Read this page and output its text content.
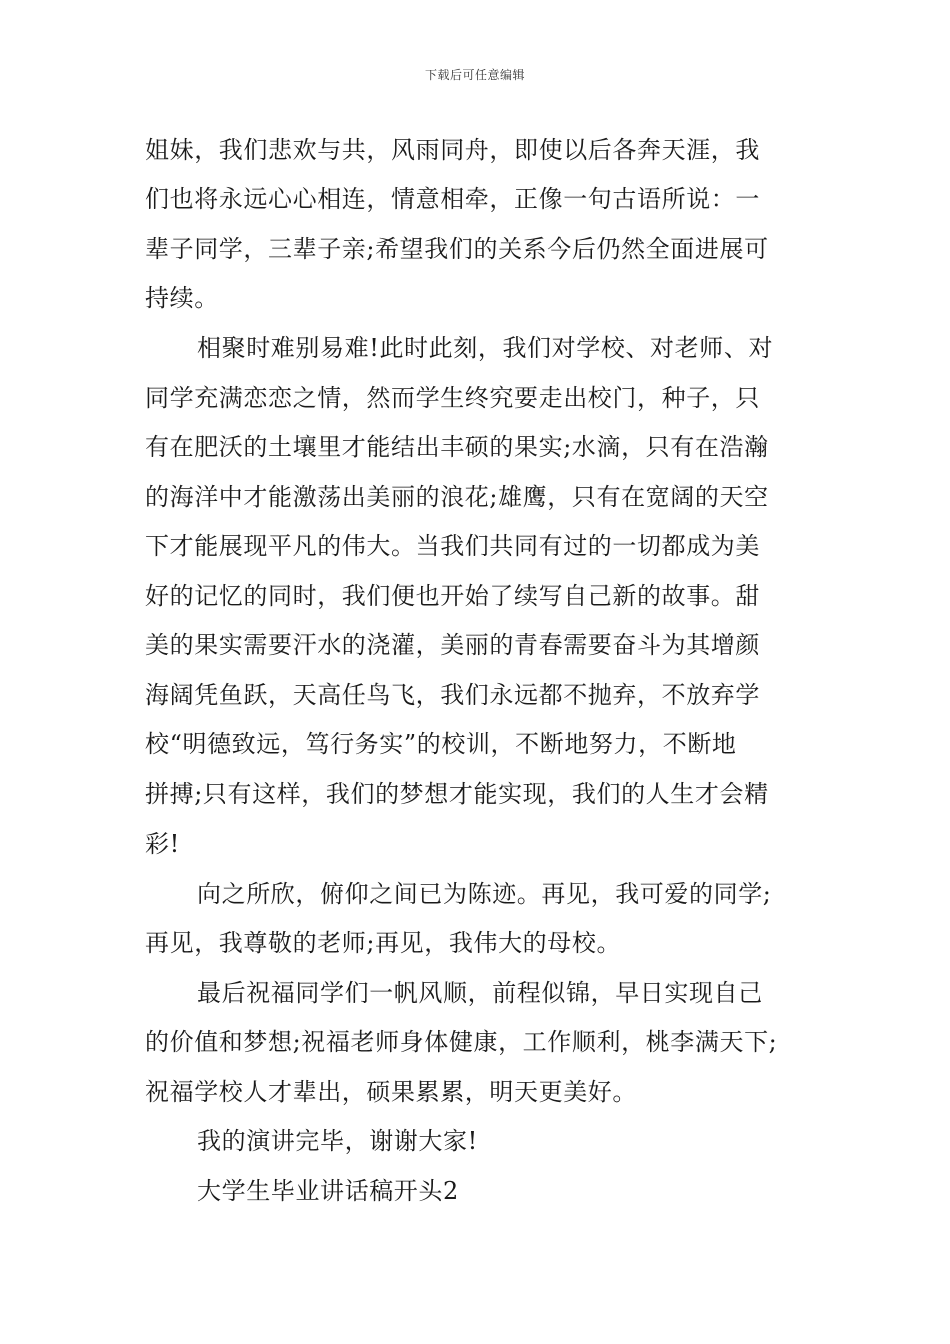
下载后可任意编辑
姐妹，我们悲欢与共，风雨同舟，即使以后各奔天涯，我
们也将永远心心相连，情意相牵，正像一句古语所说：一
辈子同学，三辈子亲;希望我们的关系今后仍然全面进展可
持续。
相聚时难别易难!此时此刻，我们对学校、对老师、对
同学充满恋恋之情，然而学生终究要走出校门，种子，只
有在肥沃的土壤里才能结出丰硕的果实;水滴，只有在浩瀚
的海洋中才能激荡出美丽的浪花;雄鹰，只有在宽阔的天空
下才能展现平凡的伟大。当我们共同有过的一切都成为美
好的记忆的同时，我们便也开始了续写自己新的故事。甜
美的果实需要汗水的浇灌，美丽的青春需要奋斗为其增颜
海阔凭鱼跃，天高任鸟飞，我们永远都不抛弃，不放弃学
校“明德致远，笃行务实”的校训，不断地努力，不断地
拼搏;只有这样，我们的梦想才能实现，我们的人生才会精
彩!
向之所欣，俯仰之间已为陈迹。再见，我可爱的同学;
再见，我尊敬的老师;再见，我伟大的母校。
最后祝福同学们一帆风顺，前程似锦，早日实现自己
的价值和梦想;祝福老师身体健康，工作顺利，桃李满天下;
祝福学校人才辈出，硕果累累，明天更美好。
我的演讲完毕，谢谢大家!
大学生毕业讲话稿开头2
